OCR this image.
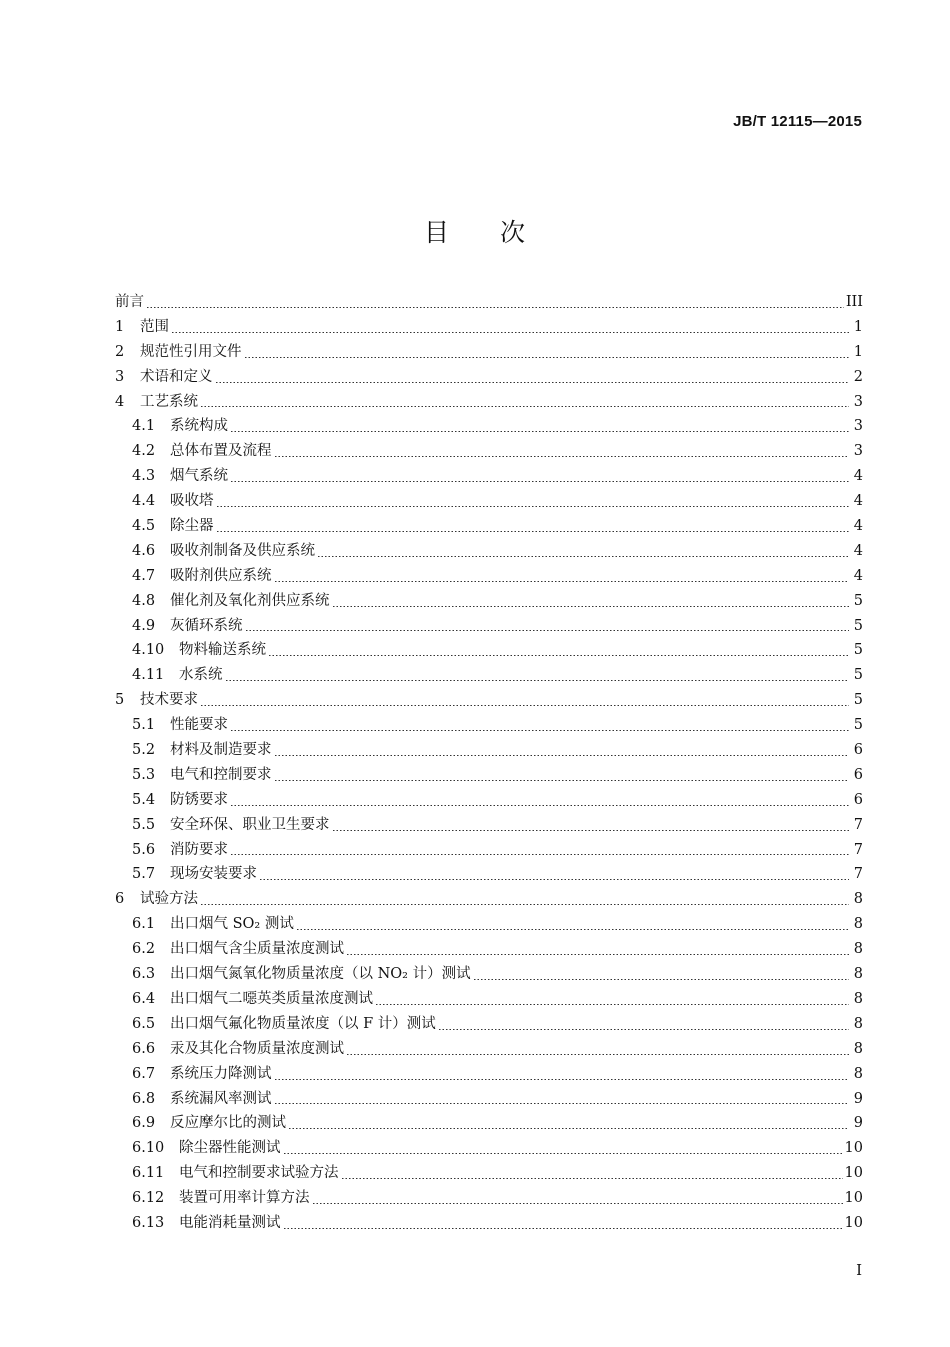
JB/T 12115—2015
目 次
前言	III
1	范围	1
2	规范性引用文件	1
3	术语和定义	2
4	工艺系统	3
4.1	系统构成	3
4.2	总体布置及流程	3
4.3	烟气系统	4
4.4	吸收塔	4
4.5	除尘器	4
4.6	吸收剂制备及供应系统	4
4.7	吸附剂供应系统	4
4.8	催化剂及氧化剂供应系统	5
4.9	灰循环系统	5
4.10	物料输送系统	5
4.11	水系统	5
5	技术要求	5
5.1	性能要求	5
5.2	材料及制造要求	6
5.3	电气和控制要求	6
5.4	防锈要求	6
5.5	安全环保、职业卫生要求	7
5.6	消防要求	7
5.7	现场安装要求	7
6	试验方法	8
6.1	出口烟气 SO₂ 测试	8
6.2	出口烟气含尘质量浓度测试	8
6.3	出口烟气氮氧化物质量浓度（以 NO₂ 计）测试	8
6.4	出口烟气二噁英类质量浓度测试	8
6.5	出口烟气氟化物质量浓度（以 F 计）测试	8
6.6	汞及其化合物质量浓度测试	8
6.7	系统压力降测试	8
6.8	系统漏风率测试	9
6.9	反应摩尔比的测试	9
6.10	除尘器性能测试	10
6.11	电气和控制要求试验方法	10
6.12	装置可用率计算方法	10
6.13	电能消耗量测试	10
I
